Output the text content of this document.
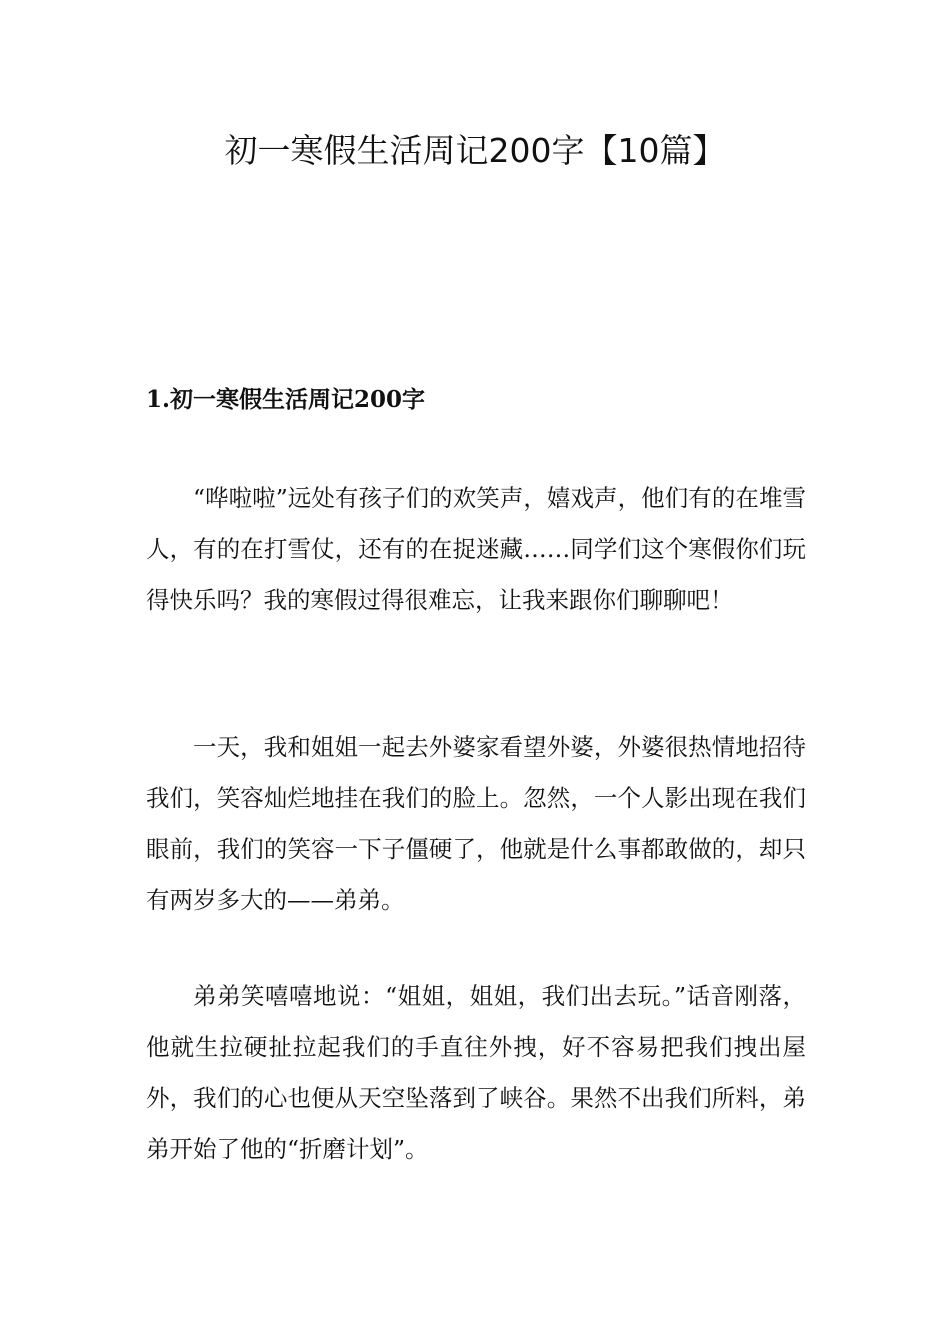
初一寒假生活周记200字【10篇】
1.初一寒假生活周记200字

“哗啦啦”远处有孩子们的欢笑声，嬉戏声，他们有的在堆雪人，有的在打雪仗，还有的在捉迷藏……同学们这个寒假你们玩得快乐吗？我的寒假过得很难忘，让我来跟你们聊聊吧！

一天，我和姐姐一起去外婆家看望外婆，外婆很热情地招待我们，笑容灿烂地挂在我们的脸上。忽然，一个人影出现在我们眼前，我们的笑容一下子僵硬了，他就是什么事都敢做的，却只有两岁多大的——弟弟。

弟弟笑嘻嘻地说：“姐姐，姐姐，我们出去玩。”话音刚落，他就生拉硬扯拉起我们的手直往外拽，好不容易把我们拽出屋外，我们的心也便从天空坠落到了峡谷。果然不出我们所料，弟弟开始了他的“折磨计划”。
